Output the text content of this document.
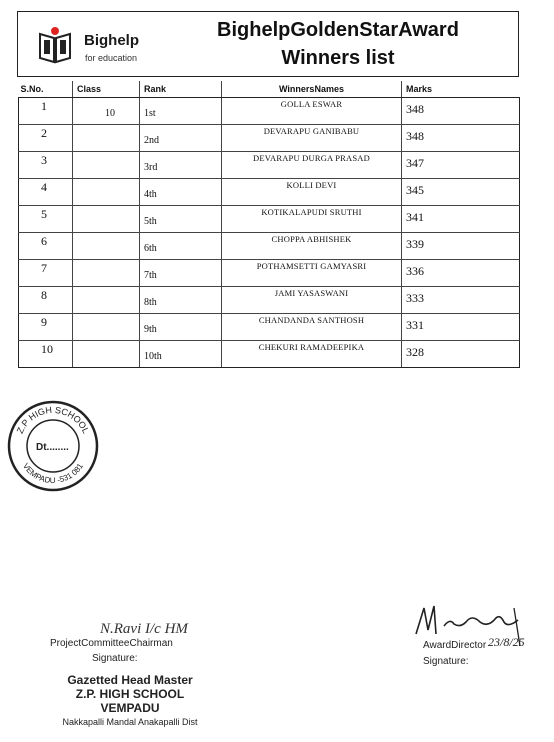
Bighelp
for education
BighelpGoldenStarAward
Winners list
S.No.	Class	Rank	WinnersNames	Marks
1	10	1st	GOLLA ESWAR	348
2		2nd	DEVARAPU GANIBABU	348
3		3rd	DEVARAPU DURGA PRASAD	347
4		4th	KOLLI DEVI	345
5		5th	KOTIKALAPUDI SRUTHI	341
6		6th	CHOPPA ABHISHEK	339
7		7th	POTHAMSETTI GAMYASRI	336
8		8th	JAMI YASASWANI	333
9		9th	CHANDANDA SANTHOSH	331
10		10th	CHEKURI RAMADEEPIKA	328
Z.P HIGH SCHOOL
VEMPADU -531 081
Dt........
N.Ravi I/c HM
ProjectCommitteeChairman
Signature:
Gazetted Head Master
Z.P. HIGH SCHOOL
VEMPADU
Nakkapalli Mandal Anakapalli Dist
23/8/25
AwardDirector
Signature:
